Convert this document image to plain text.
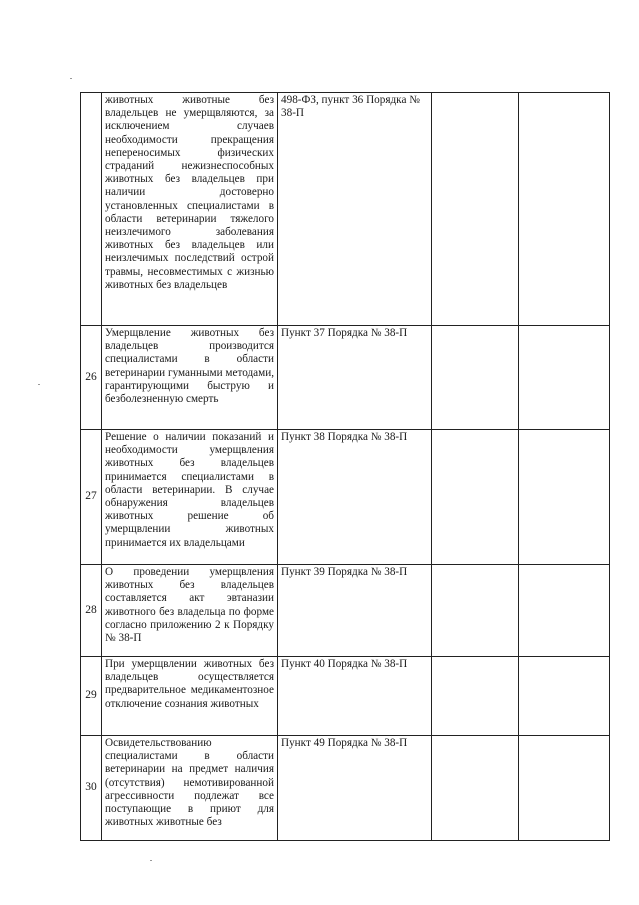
	животных животные без владельцев не умерщвляются, за исключением случаев необходимости прекращения непереносимых физических страданий нежизнеспособных животных без владельцев при наличии достоверно установленных специалистами в области ветеринарии тяжелого неизлечимого заболевания животных без владельцев или неизлечимых последствий острой травмы, несовместимых с жизнью животных без владельцев	498-ФЗ, пункт 36 Порядка № 38-П		
26	Умерщвление животных без владельцев производится специалистами в области ветеринарии гуманными методами, гарантирующими быструю и безболезненную смерть	Пункт 37 Порядка № 38-П		
27	Решение о наличии показаний и необходимости умерщвления животных без владельцев принимается специалистами в области ветеринарии. В случае обнаружения владельцев животных решение об умерщвлении животных принимается их владельцами	Пункт 38 Порядка № 38-П		
28	О проведении умерщвления животных без владельцев составляется акт эвтаназии животного без владельца по форме согласно приложению 2 к Порядку № 38-П	Пункт 39 Порядка № 38-П		
29	При умерщвлении животных без владельцев осуществляется предварительное медикаментозное отключение сознания животных	Пункт 40 Порядка № 38-П		
30	Освидетельствованию специалистами в области ветеринарии на предмет наличия (отсутствия) немотивированной агрессивности подлежат все поступающие в приют для животных животные без	Пункт 49 Порядка № 38-П		
